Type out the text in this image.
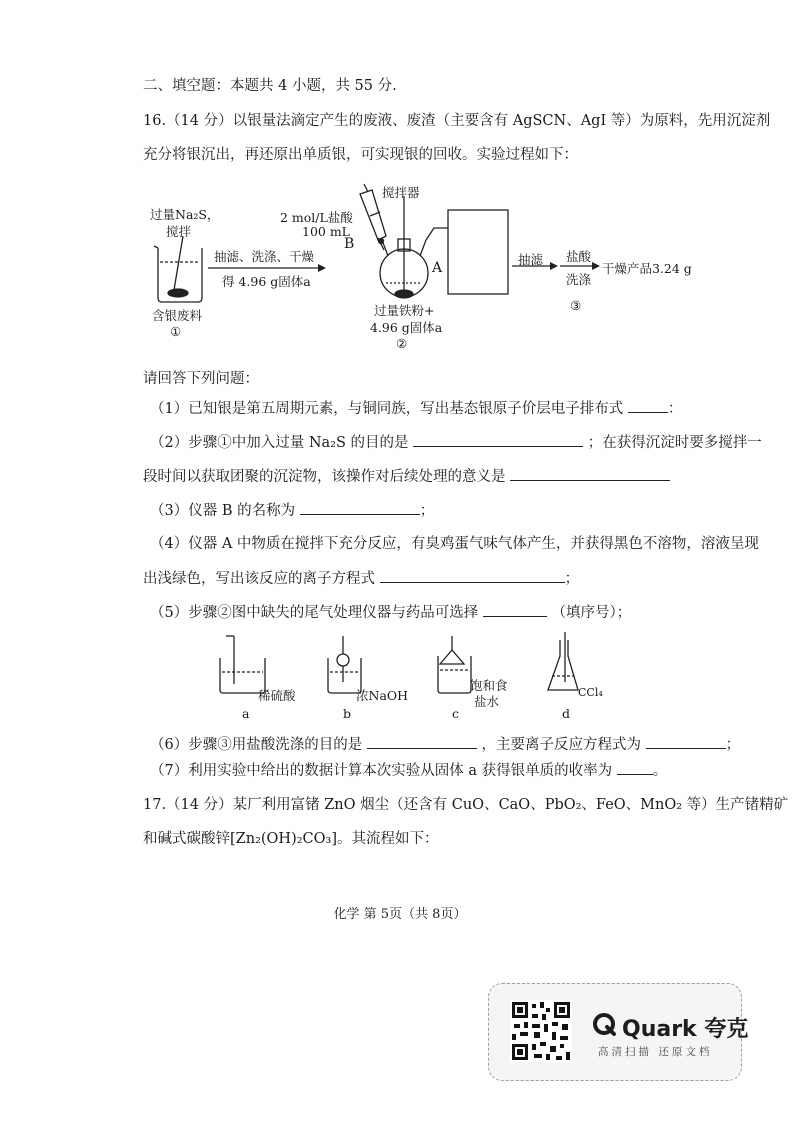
二、填空题：本题共 4 小题，共 55 分.
16.（14 分）以银量法滴定产生的废液、废渣（主要含有 AgSCN、AgI 等）为原料，先用沉淀剂
充分将银沉出，再还原出单质银，可实现银的回收。实验过程如下：
过量Na₂S，
搅拌
含银废料
①
抽滤、洗涤、干燥
得 4.96 g固体a
搅拌器
2 mol/L盐酸
100 mL
B
A
过量铁粉+
4.96 g固体a
②
抽滤 盐酸
洗涤
干燥产品3.24 g
③
请回答下列问题：
（1）已知银是第五周期元素，与铜同族，写出基态银原子价层电子排布式	：
（2）步骤①中加入过量 Na₂S 的目的是	；在获得沉淀时要多搅拌一
段时间以获取团聚的沉淀物，该操作对后续处理的意义是
（3）仪器 B 的名称为	；
（4）仪器 A 中物质在搅拌下充分反应，有臭鸡蛋气味气体产生，并获得黑色不溶物，溶液呈现
出浅绿色，写出该反应的离子方程式	；
（5）步骤②图中缺失的尾气处理仪器与药品可选择	（填序号）；
稀硫酸	浓NaOH
饱和食
盐水
CCl₄
a	b	c	d
（6）步骤③用盐酸洗涤的目的是	，主要离子反应方程式为	；
（7）利用实验中给出的数据计算本次实验从固体 a 获得银单质的收率为	。
17.（14 分）某厂利用富锗 ZnO 烟尘（还含有 CuO、CaO、PbO₂、FeO、MnO₂ 等）生产锗精矿
和碱式碳酸锌[Zn₂(OH)₂CO₃]。其流程如下：
化学 第 5页（共 8页）
Quark 夸克
高清扫描 还原文档
